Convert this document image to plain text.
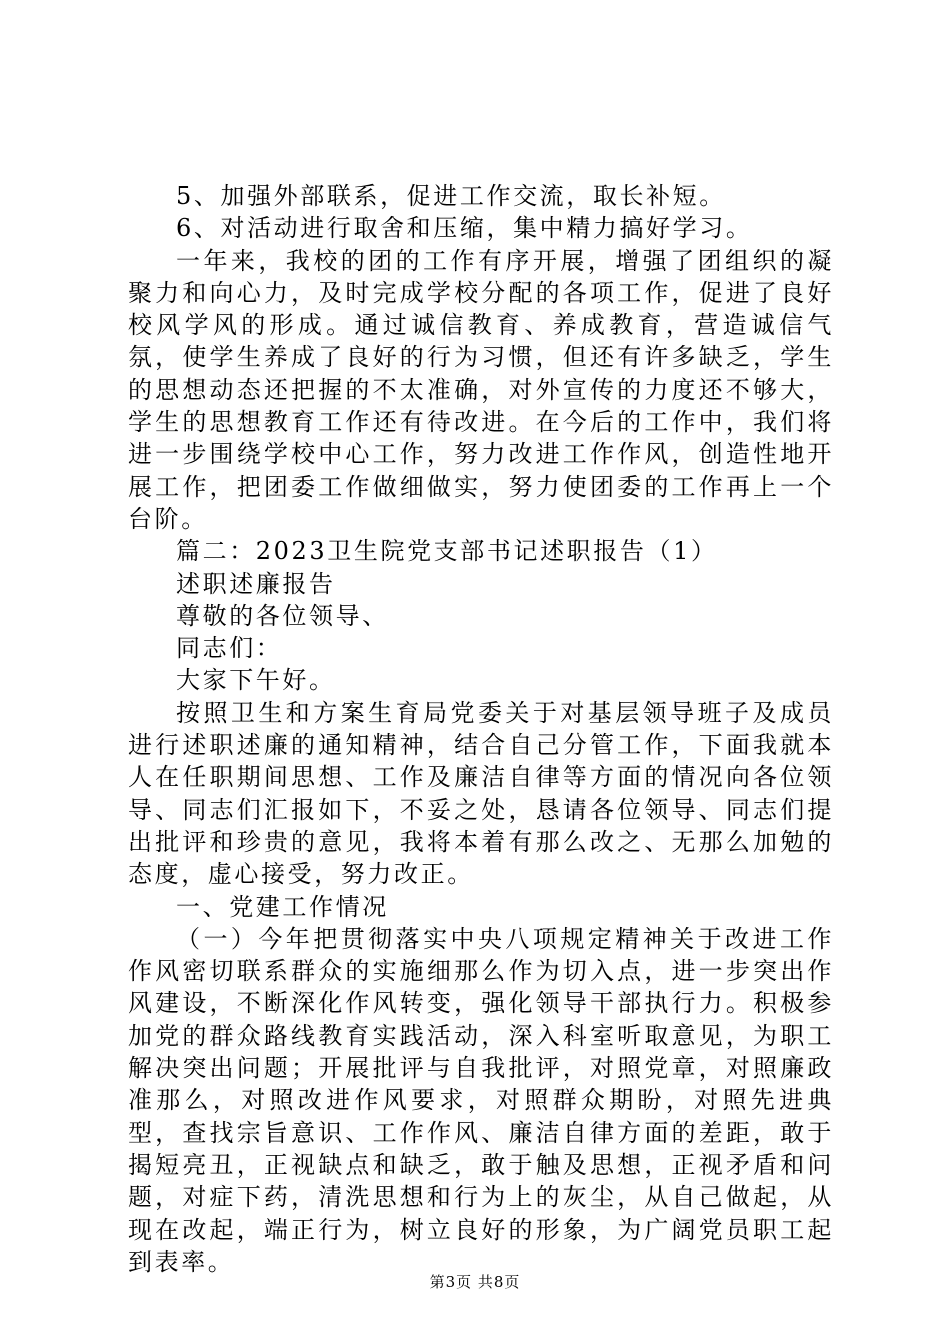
5、加强外部联系，促进工作交流，取长补短。

6、对活动进行取舍和压缩，集中精力搞好学习。

一年来，我校的团的工作有序开展，增强了团组织的凝聚力和向心力，及时完成学校分配的各项工作，促进了良好校风学风的形成。通过诚信教育、养成教育，营造诚信气氛，使学生养成了良好的行为习惯，但还有许多缺乏，学生的思想动态还把握的不太准确，对外宣传的力度还不够大，学生的思想教育工作还有待改进。在今后的工作中，我们将进一步围绕学校中心工作，努力改进工作作风，创造性地开展工作，把团委工作做细做实，努力使团委的工作再上一个台阶。

篇二：2023卫生院党支部书记述职报告（1）

述职述廉报告

尊敬的各位领导、

同志们：

大家下午好。

按照卫生和方案生育局党委关于对基层领导班子及成员进行述职述廉的通知精神，结合自己分管工作，下面我就本人在任职期间思想、工作及廉洁自律等方面的情况向各位领导、同志们汇报如下，不妥之处，恳请各位领导、同志们提出批评和珍贵的意见，我将本着有那么改之、无那么加勉的态度，虚心接受，努力改正。

一、党建工作情况

（一）今年把贯彻落实中央八项规定精神关于改进工作作风密切联系群众的实施细那么作为切入点，进一步突出作风建设，不断深化作风转变，强化领导干部执行力。积极参加党的群众路线教育实践活动，深入科室听取意见，为职工解决突出问题；开展批评与自我批评，对照党章，对照廉政准那么，对照改进作风要求，对照群众期盼，对照先进典型，查找宗旨意识、工作作风、廉洁自律方面的差距，敢于揭短亮丑，正视缺点和缺乏，敢于触及思想，正视矛盾和问题，对症下药，清洗思想和行为上的灰尘，从自己做起，从现在改起，端正行为，树立良好的形象，为广阔党员职工起到表率。

第3页 共8页
